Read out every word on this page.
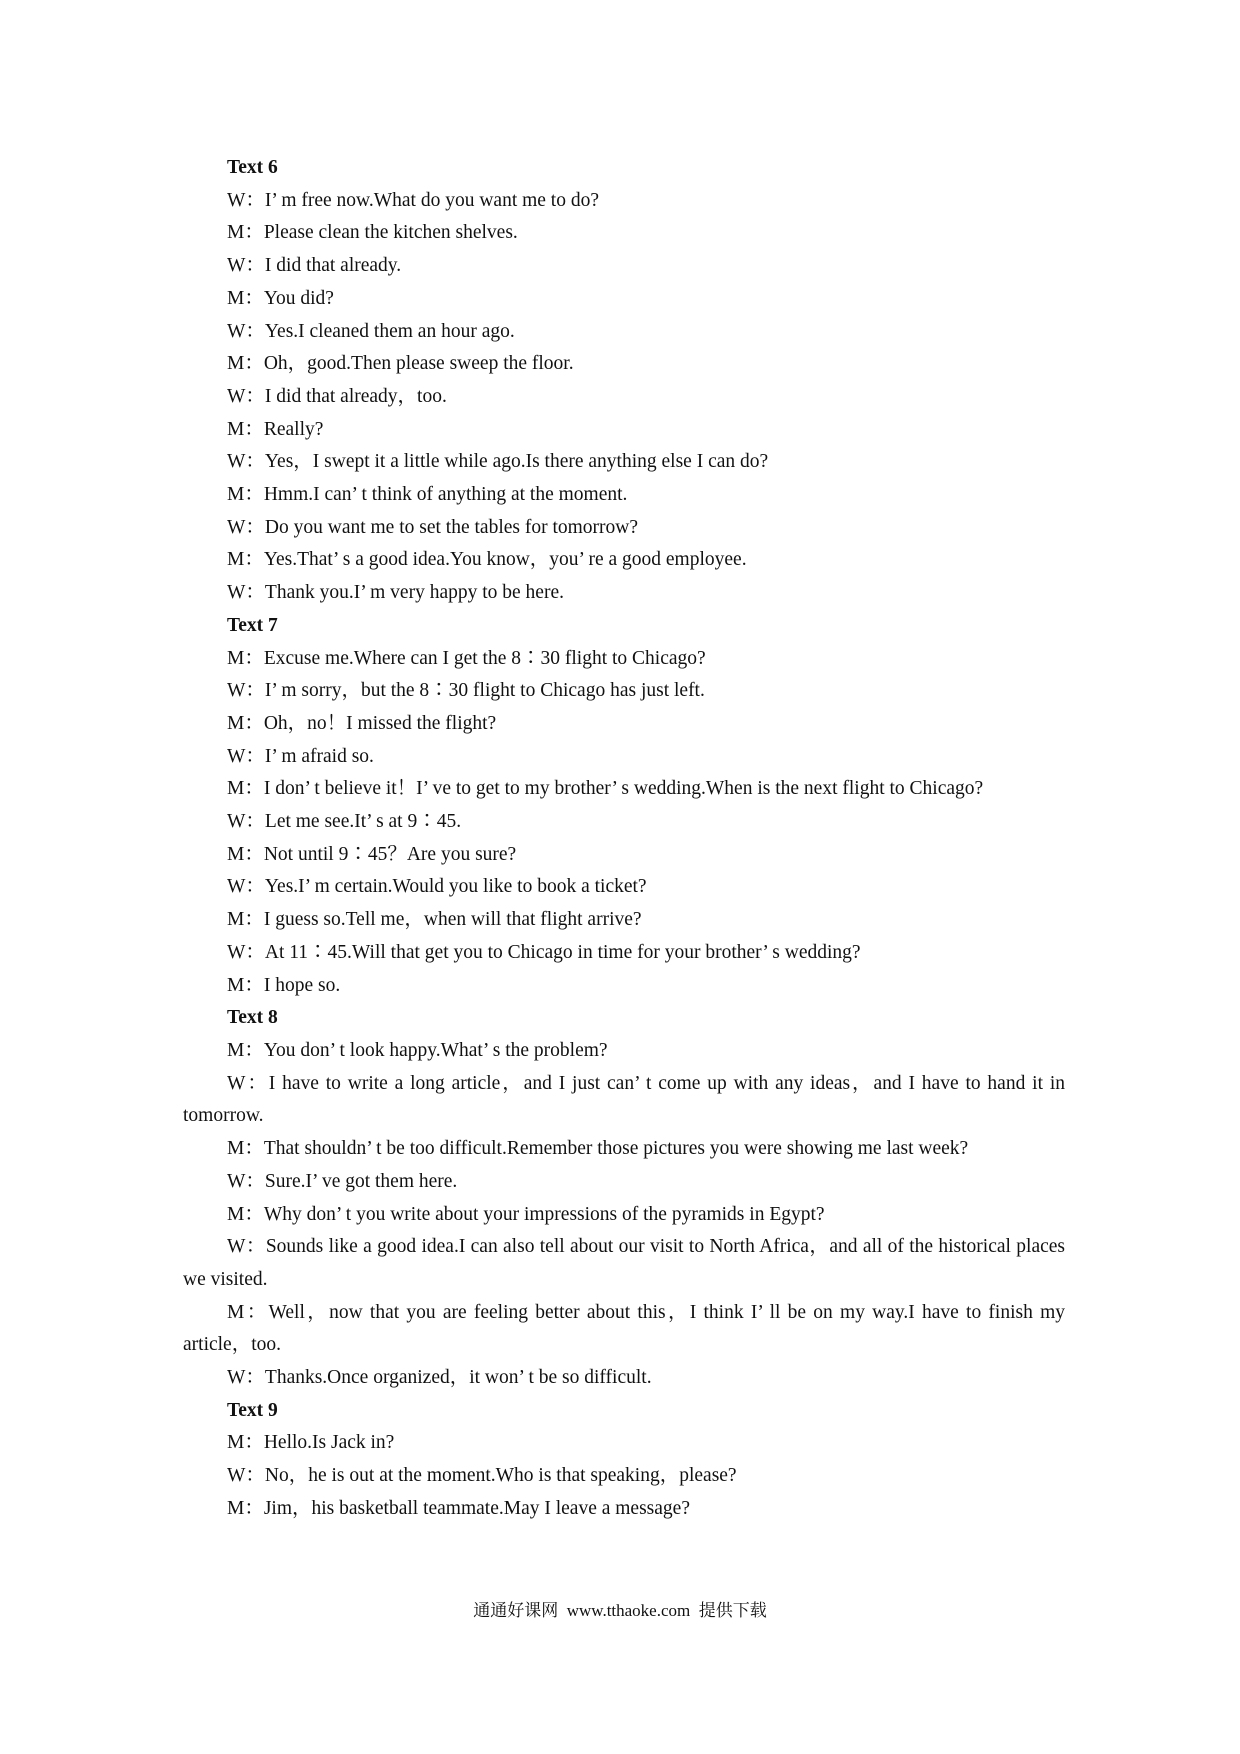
Text 6
W：I’ m free now.What do you want me to do?
M：Please clean the kitchen shelves.
W：I did that already.
M：You did?
W：Yes.I cleaned them an hour ago.
M：Oh，good.Then please sweep the floor.
W：I did that already，too.
M：Really?
W：Yes，I swept it a little while ago.Is there anything else I can do?
M：Hmm.I can’ t think of anything at the moment.
W：Do you want me to set the tables for tomorrow?
M：Yes.That’ s a good idea.You know，you’ re a good employee.
W：Thank you.I’ m very happy to be here.
Text 7
M：Excuse me.Where can I get the 8∶30 flight to Chicago?
W：I’ m sorry，but the 8∶30 flight to Chicago has just left.
M：Oh，no！I missed the flight?
W：I’ m afraid so.
M：I don’ t believe it！I’ ve to get to my brother’ s wedding.When is the next flight to Chicago?
W：Let me see.It’ s at 9∶45.
M：Not until 9∶45？Are you sure?
W：Yes.I’ m certain.Would you like to book a ticket?
M：I guess so.Tell me，when will that flight arrive?
W：At 11∶45.Will that get you to Chicago in time for your brother’ s wedding?
M：I hope so.
Text 8
M：You don’ t look happy.What’ s the problem?
W：I have to write a long article，and I just can’ t come up with any ideas，and I have to hand it in tomorrow.
M：That shouldn’ t be too difficult.Remember those pictures you were showing me last week?
W：Sure.I’ ve got them here.
M：Why don’ t you write about your impressions of the pyramids in Egypt?
W：Sounds like a good idea.I can also tell about our visit to North Africa，and all of the historical places we visited.
M：Well，now that you are feeling better about this，I think I’ ll be on my way.I have to finish my article，too.
W：Thanks.Once organized，it won’ t be so difficult.
Text 9
M：Hello.Is Jack in?
W：No，he is out at the moment.Who is that speaking，please?
M：Jim，his basketball teammate.May I leave a message?
通通好课网  www.tthaoke.com  提供下载
